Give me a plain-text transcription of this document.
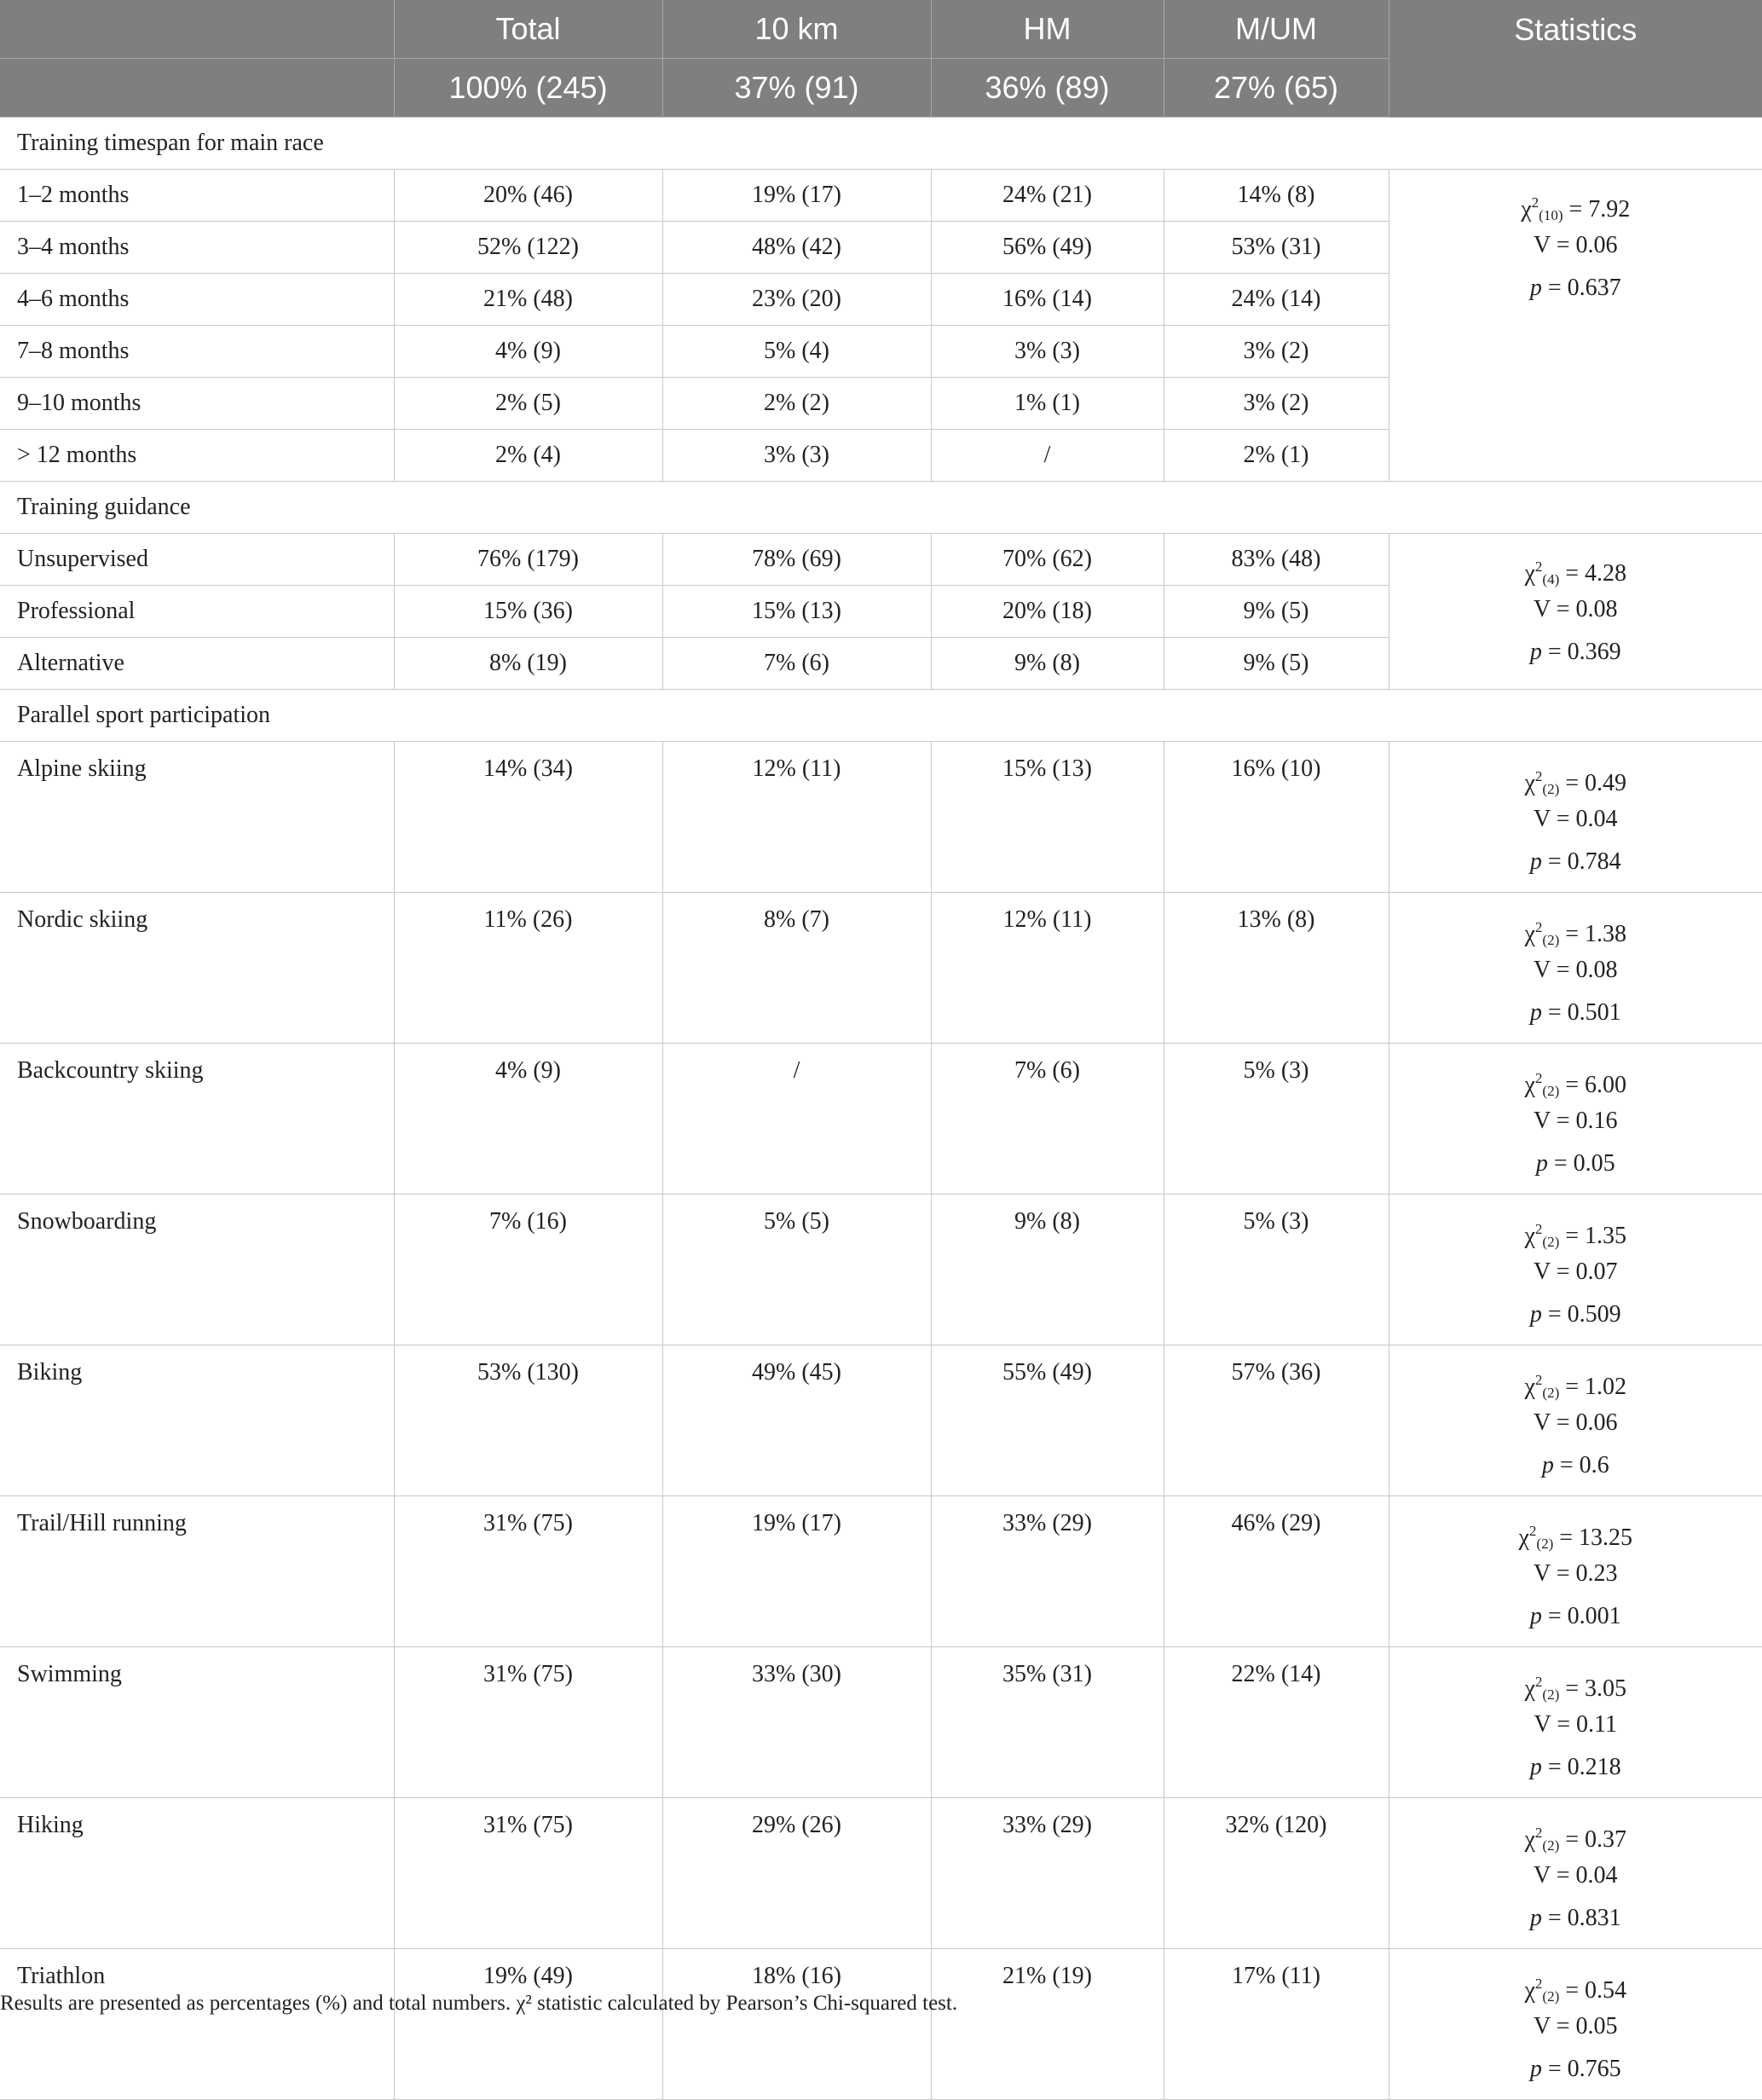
	Total	10 km	HM	M/UM	Statistics
	100% (245)	37% (91)	36% (89)	27% (65)	
Training timespan for main race					
1–2 months	20% (46)	19% (17)	24% (21)	14% (8)	$\chi^2_{(10)} = 7.92$
V = 0.06
p = 0.637

3–4 months	52% (122)	48% (42)	56% (49)	53% (31)	
4–6 months	21% (48)	23% (20)	16% (14)	24% (14)	
7–8 months	4% (9)	5% (4)	3% (3)	3% (2)	
9–10 months	2% (5)	2% (2)	1% (1)	3% (2)	
> 12 months	2% (4)	3% (3)	/	2% (1)	
Training guidance					
Unsupervised	76% (179)	78% (69)	70% (62)	83% (48)	$\chi^2_{(4)} = 4.28$
V = 0.08
p = 0.369

Professional	15% (36)	15% (13)	20% (18)	9% (5)	
Alternative	8% (19)	7% (6)	9% (8)	9% (5)	
Parallel sport participation					
Alpine skiing	14% (34)	12% (11)	15% (13)	16% (10)	$\chi^2_{(2)} = 0.49$
V = 0.04
p = 0.784

Nordic skiing	11% (26)	8% (7)	12% (11)	13% (8)	$\chi^2_{(2)} = 1.38$
V = 0.08
p = 0.501

Backcountry skiing	4% (9)	/	7% (6)	5% (3)	$\chi^2_{(2)} = 6.00$
V = 0.16
p = 0.05

Snowboarding	7% (16)	5% (5)	9% (8)	5% (3)	$\chi^2_{(2)} = 1.35$
V = 0.07
p = 0.509

Biking	53% (130)	49% (45)	55% (49)	57% (36)	$\chi^2_{(2)} = 1.02$
V = 0.06
p = 0.6

Trail/Hill running	31% (75)	19% (17)	33% (29)	46% (29)	$\chi^2_{(2)} = 13.25$
V = 0.23
p = 0.001

Swimming	31% (75)	33% (30)	35% (31)	22% (14)	$\chi^2_{(2)} = 3.05$
V = 0.11
p = 0.218

Hiking	31% (75)	29% (26)	33% (29)	32% (120)	$\chi^2_{(2)} = 0.37$
V = 0.04
p = 0.831

Triathlon	19% (49)	18% (16)	21% (19)	17% (11)	$\chi^2_{(2)} = 0.54$
V = 0.05
p = 0.765
Results are presented as percentages (%) and total numbers. χ² statistic calculated by Pearson’s Chi-squared test.
